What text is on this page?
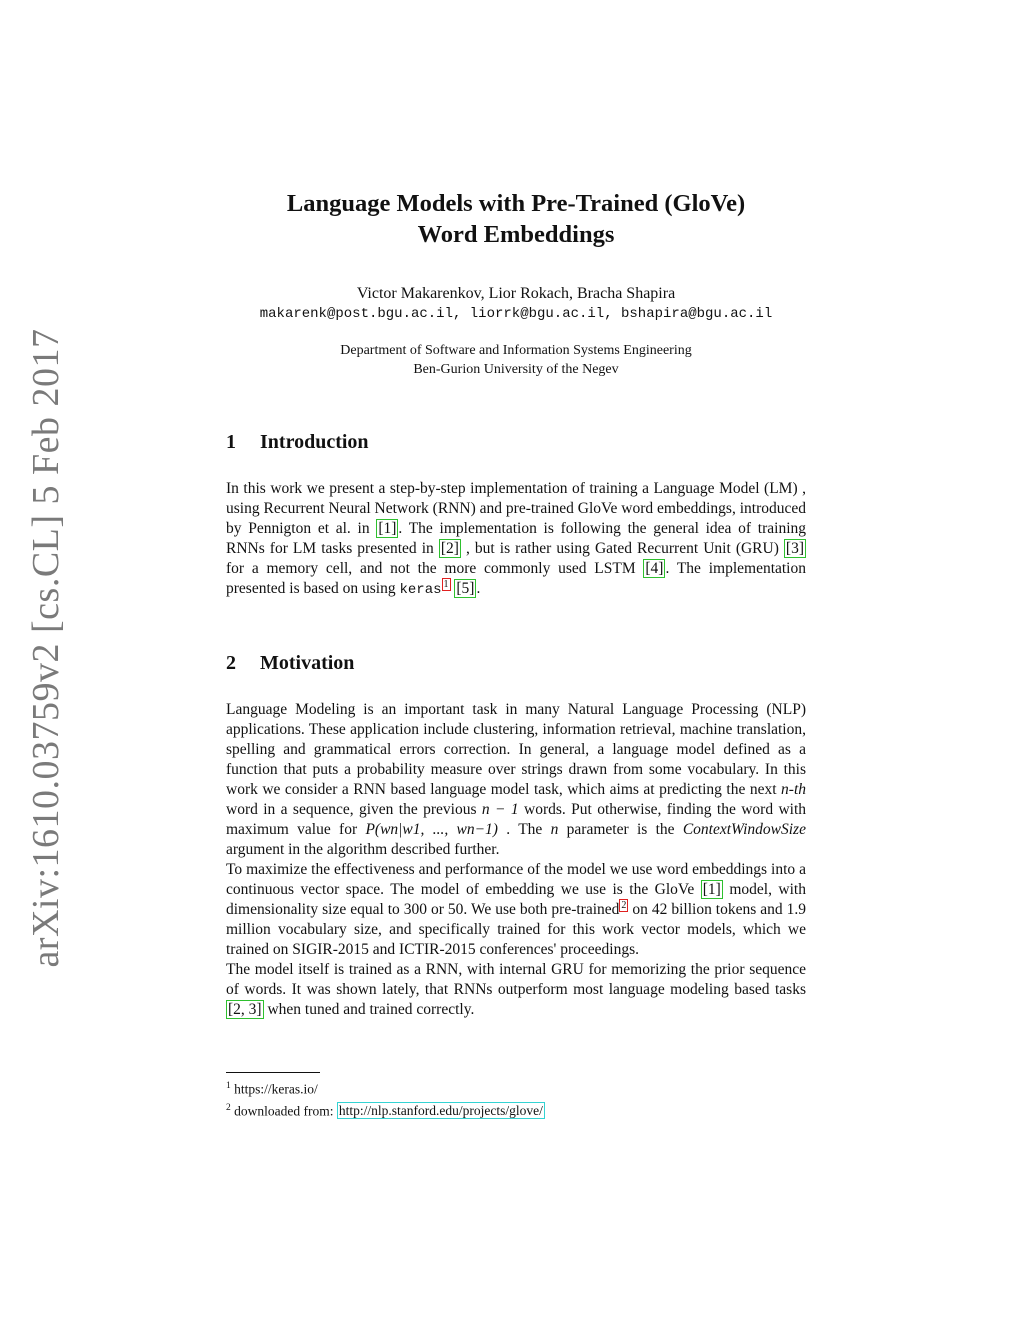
arXiv:1610.03759v2 [cs.CL] 5 Feb 2017
Language Models with Pre-Trained (GloVe)
Word Embeddings
Victor Makarenkov, Lior Rokach, Bracha Shapira
makarenk@post.bgu.ac.il, liorrk@bgu.ac.il, bshapira@bgu.ac.il
Department of Software and Information Systems Engineering
Ben-Gurion University of the Negev
1 Introduction

In this work we present a step-by-step implementation of training a Language Model (LM) , using Recurrent Neural Network (RNN) and pre-trained GloVe word embeddings, introduced by Pennigton et al. in [1] . The implementation is following the general idea of training RNNs for LM tasks presented in [2] , but is rather using Gated Recurrent Unit (GRU) [3] for a memory cell, and not the more commonly used LSTM [4] . The implementation presented is based on using keras $^1$ [5] .

2 Motivation

Language Modeling is an important task in many Natural Language Processing (NLP) applications. These application include clustering, information retrieval, machine translation, spelling and grammatical errors correction. In general, a language model defined as a function that puts a probability measure over strings drawn from some vocabulary. In this work we consider a RNN based language model task, which aims at predicting the next n-th word in a sequence, given the previous n − 1 words. Put otherwise, finding the word with maximum value for P(wn|w1, ..., wn−1) . The n parameter is the ContextWindowSize argument in the algorithm described further.

To maximize the effectiveness and performance of the model we use word embeddings into a continuous vector space. The model of embedding we use is the GloVe [1] model, with dimensionality size equal to 300 or 50. We use both pre-trained $^2$ on 42 billion tokens and 1.9 million vocabulary size, and specifically trained for this work vector models, which we trained on SIGIR-2015 and ICTIR-2015 conferences' proceedings.

The model itself is trained as a RNN, with internal GRU for memorizing the prior sequence of words. It was shown lately, that RNNs outperform most language modeling based tasks [2, 3] when tuned and trained correctly.

$^1$ https://keras.io/
$^2$ downloaded from: http://nlp.stanford.edu/projects/glove/
